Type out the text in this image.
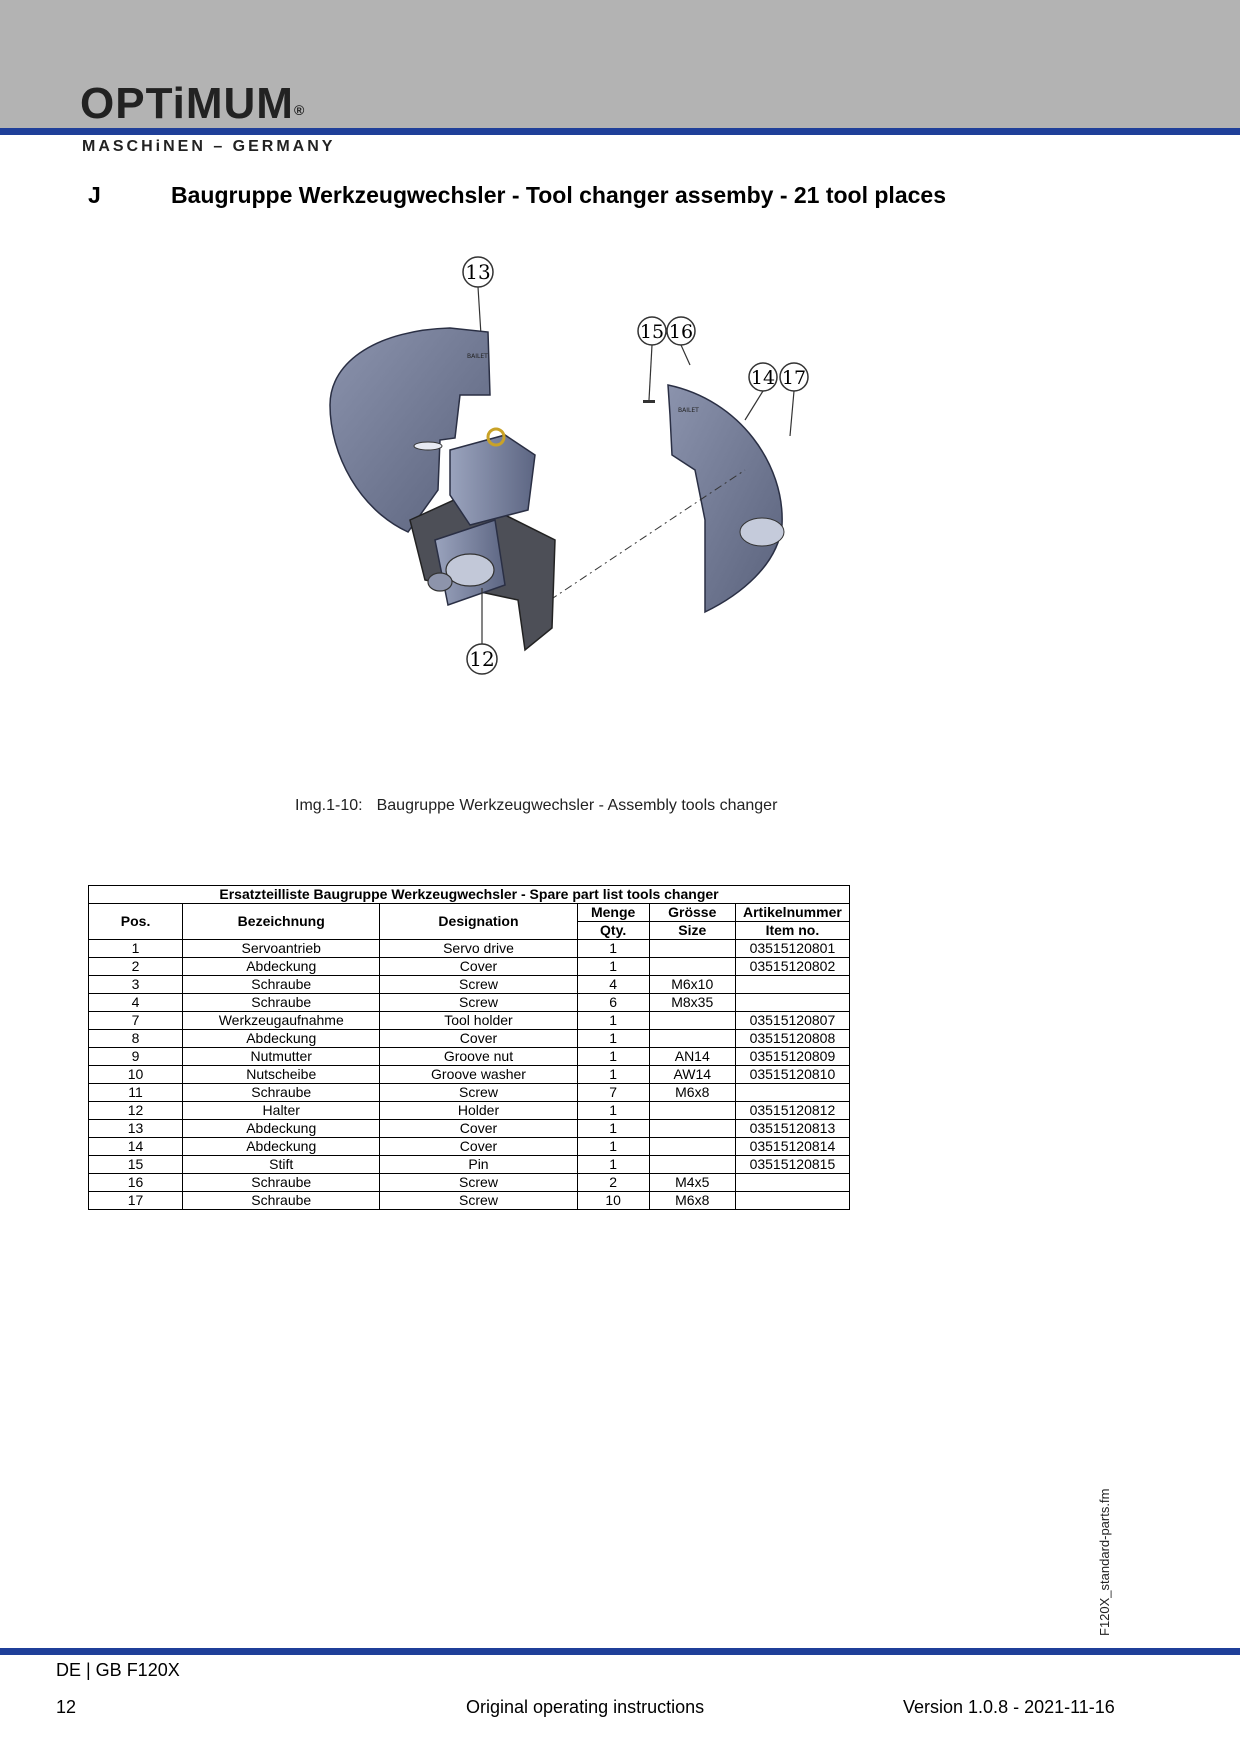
OPTiMUM®
MASCHiNEN – GERMANY
J	Baugruppe Werkzeugwechsler - Tool changer assemby - 21 tool places
13
BAILET
15 16
14 17
BAILET
12
Img.1-10: Baugruppe Werkzeugwechsler - Assembly tools changer
Ersatzteilliste Baugruppe Werkzeugwechsler - Spare part list tools changer					
Pos.	Bezeichnung	Designation	Menge	Grösse	Artikelnummer
			Qty.	Size	Item no.
1	Servoantrieb	Servo drive	1		03515120801
2	Abdeckung	Cover	1		03515120802
3	Schraube	Screw	4	M6x10	
4	Schraube	Screw	6	M8x35	
7	Werkzeugaufnahme	Tool holder	1		03515120807
8	Abdeckung	Cover	1		03515120808
9	Nutmutter	Groove nut	1	AN14	03515120809
10	Nutscheibe	Groove washer	1	AW14	03515120810
11	Schraube	Screw	7	M6x8	
12	Halter	Holder	1		03515120812
13	Abdeckung	Cover	1		03515120813
14	Abdeckung	Cover	1		03515120814
15	Stift	Pin	1		03515120815
16	Schraube	Screw	2	M4x5	
17	Schraube	Screw	10	M6x8	
F120X_standard-parts.fm
DE | GB F120X
12	Original operating instructions	Version 1.0.8 - 2021-11-16
